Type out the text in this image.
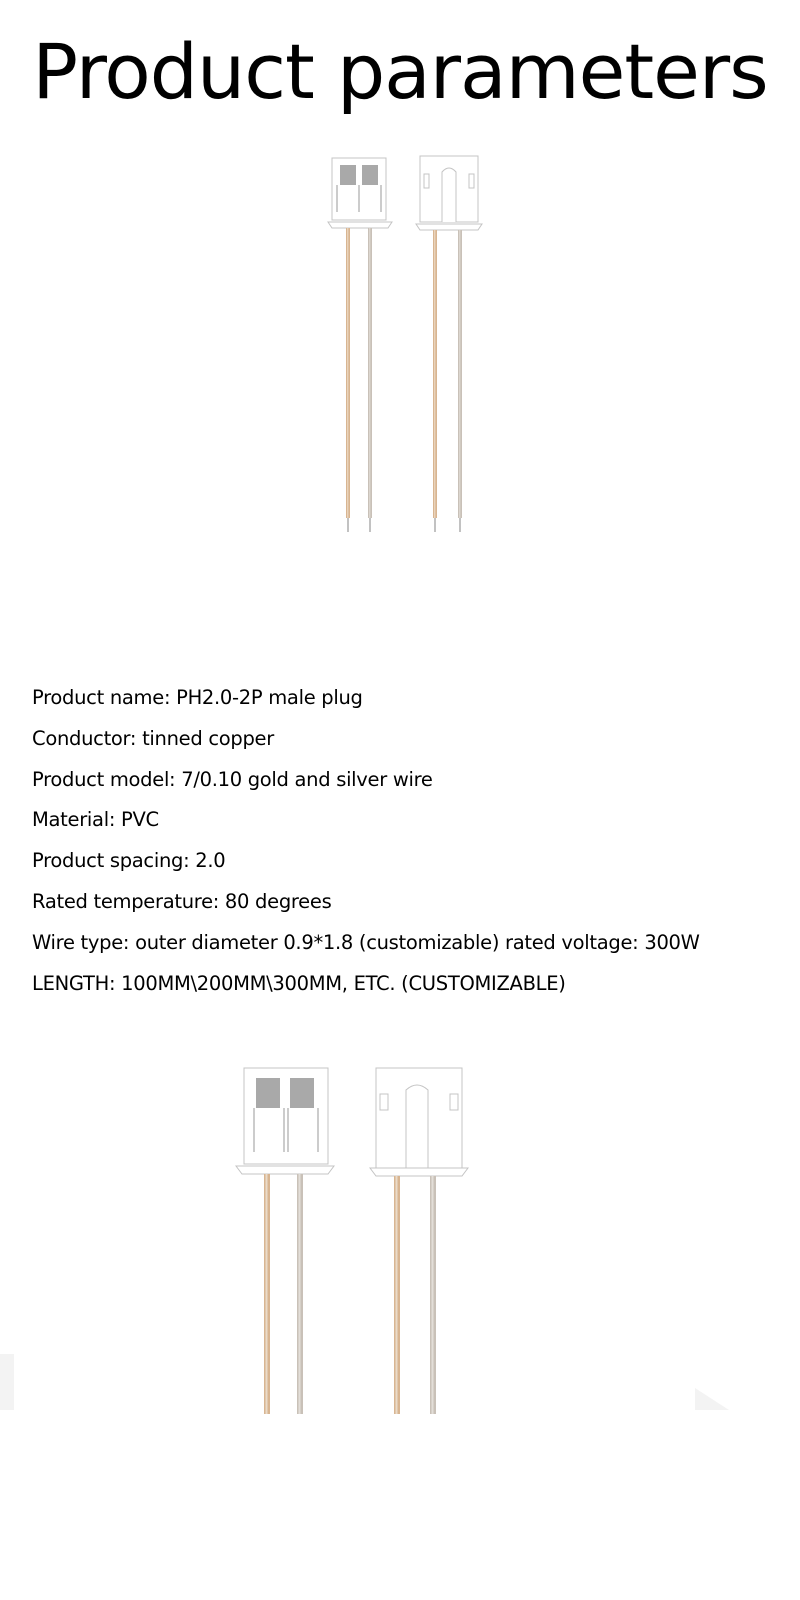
Product parameters
Product name: PH2.0-2P male plug
Conductor: tinned copper
Product model: 7/0.10 gold and silver wire
Material: PVC
Product spacing: 2.0
Rated temperature: 80 degrees
Wire type: outer diameter 0.9*1.8 (customizable) rated voltage: 300W
LENGTH: 100MM\200MM\300MM, ETC. (CUSTOMIZABLE)
